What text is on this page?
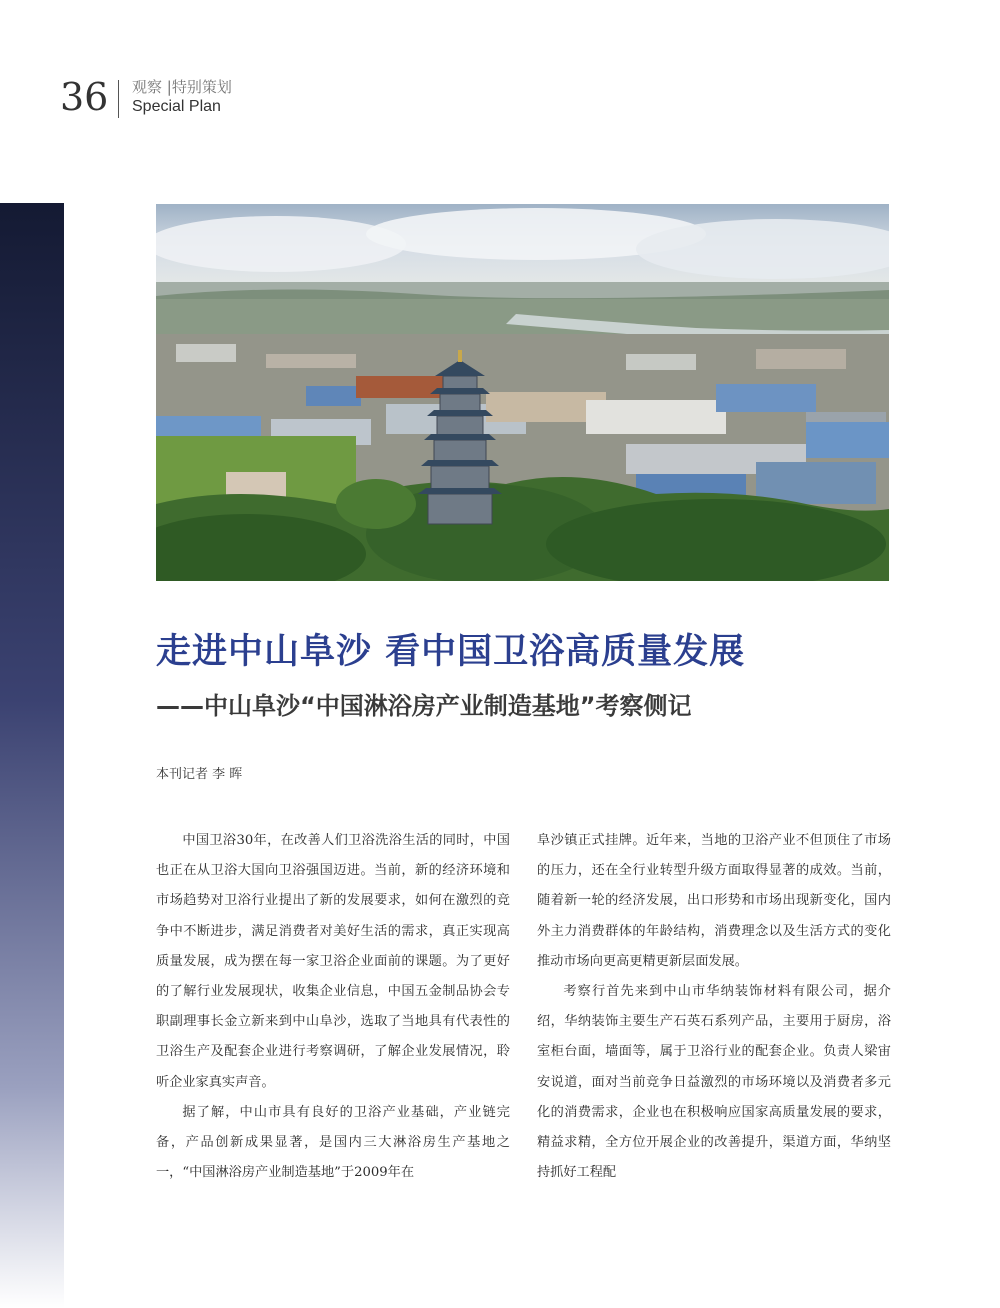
36 观察 |特别策划
Special Plan
走进中山阜沙 看中国卫浴高质量发展
——中山阜沙“中国淋浴房产业制造基地”考察侧记
本刊记者 李 晖

中国卫浴30年，在改善人们卫浴洗浴生活的同时，中国也正在从卫浴大国向卫浴强国迈进。当前，新的经济环境和市场趋势对卫浴行业提出了新的发展要求，如何在激烈的竞争中不断进步，满足消费者对美好生活的需求，真正实现高质量发展，成为摆在每一家卫浴企业面前的课题。为了更好的了解行业发展现状，收集企业信息，中国五金制品协会专职副理事长金立新来到中山阜沙，选取了当地具有代表性的卫浴生产及配套企业进行考察调研，了解企业发展情况，聆听企业家真实声音。

据了解，中山市具有良好的卫浴产业基础，产业链完备，产品创新成果显著，是国内三大淋浴房生产基地之一，“中国淋浴房产业制造基地”于2009年在

阜沙镇正式挂牌。近年来，当地的卫浴产业不但顶住了市场的压力，还在全行业转型升级方面取得显著的成效。当前，随着新一轮的经济发展，出口形势和市场出现新变化，国内外主力消费群体的年龄结构，消费理念以及生活方式的变化推动市场向更高更精更新层面发展。

考察行首先来到中山市华纳装饰材料有限公司，据介绍，华纳装饰主要生产石英石系列产品，主要用于厨房，浴室柜台面，墙面等，属于卫浴行业的配套企业。负责人梁宙安说道，面对当前竞争日益激烈的市场环境以及消费者多元化的消费需求，企业也在积极响应国家高质量发展的要求，精益求精，全方位开展企业的改善提升，渠道方面，华纳坚持抓好工程配
